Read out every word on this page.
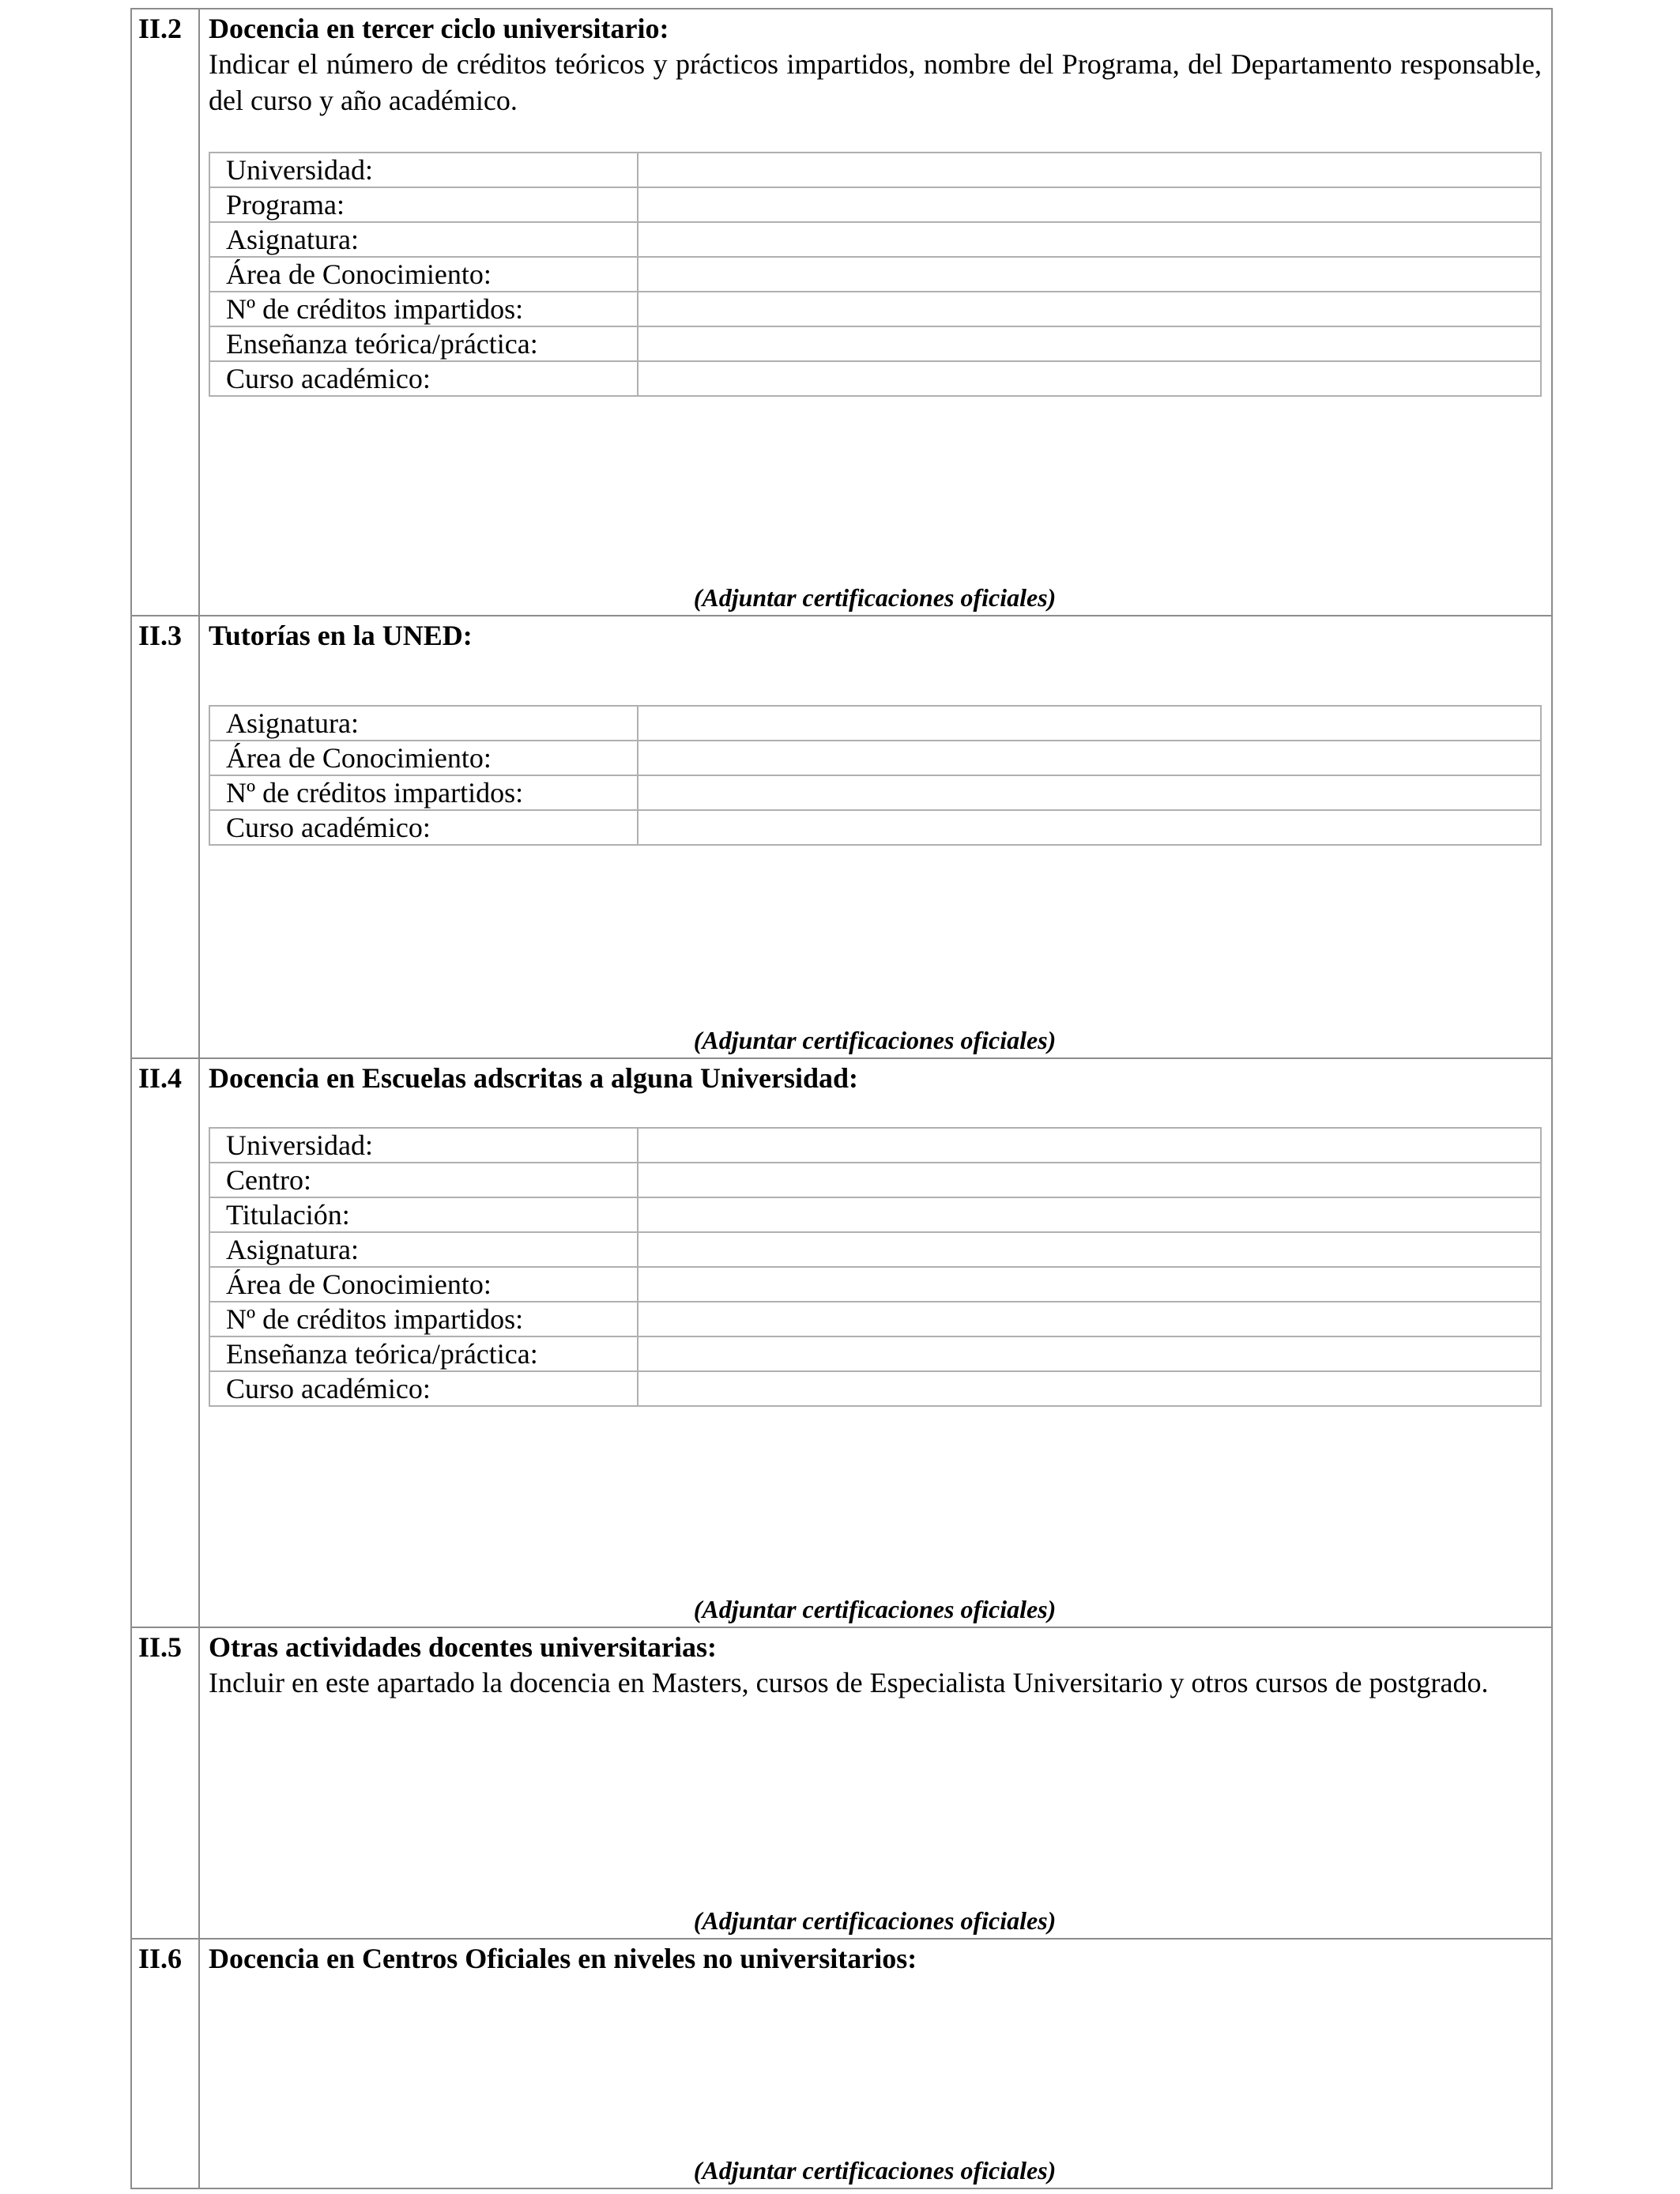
II.2 Docencia en tercer ciclo universitario:
Indicar el número de créditos teóricos y prácticos impartidos, nombre del Programa, del Departamento responsable, del curso y año académico.
Universidad:	
Programa:	
Asignatura:	
Área de Conocimiento:	
Nº de créditos impartidos:	
Enseñanza teórica/práctica:	
Curso académico:	
(Adjuntar certificaciones oficiales)
II.3 Tutorías en la UNED:
Asignatura:	
Área de Conocimiento:	
Nº de créditos impartidos:	
Curso académico:	
(Adjuntar certificaciones oficiales)
II.4 Docencia en Escuelas adscritas a alguna Universidad:
Universidad:	
Centro:	
Titulación:	
Asignatura:	
Área de Conocimiento:	
Nº de créditos impartidos:	
Enseñanza teórica/práctica:	
Curso académico:	
(Adjuntar certificaciones oficiales)
II.5 Otras actividades docentes universitarias:
Incluir en este apartado la docencia en Masters, cursos de Especialista Universitario y otros cursos de postgrado.
(Adjuntar certificaciones oficiales)
II.6 Docencia en Centros Oficiales en niveles no universitarios:
(Adjuntar certificaciones oficiales)
